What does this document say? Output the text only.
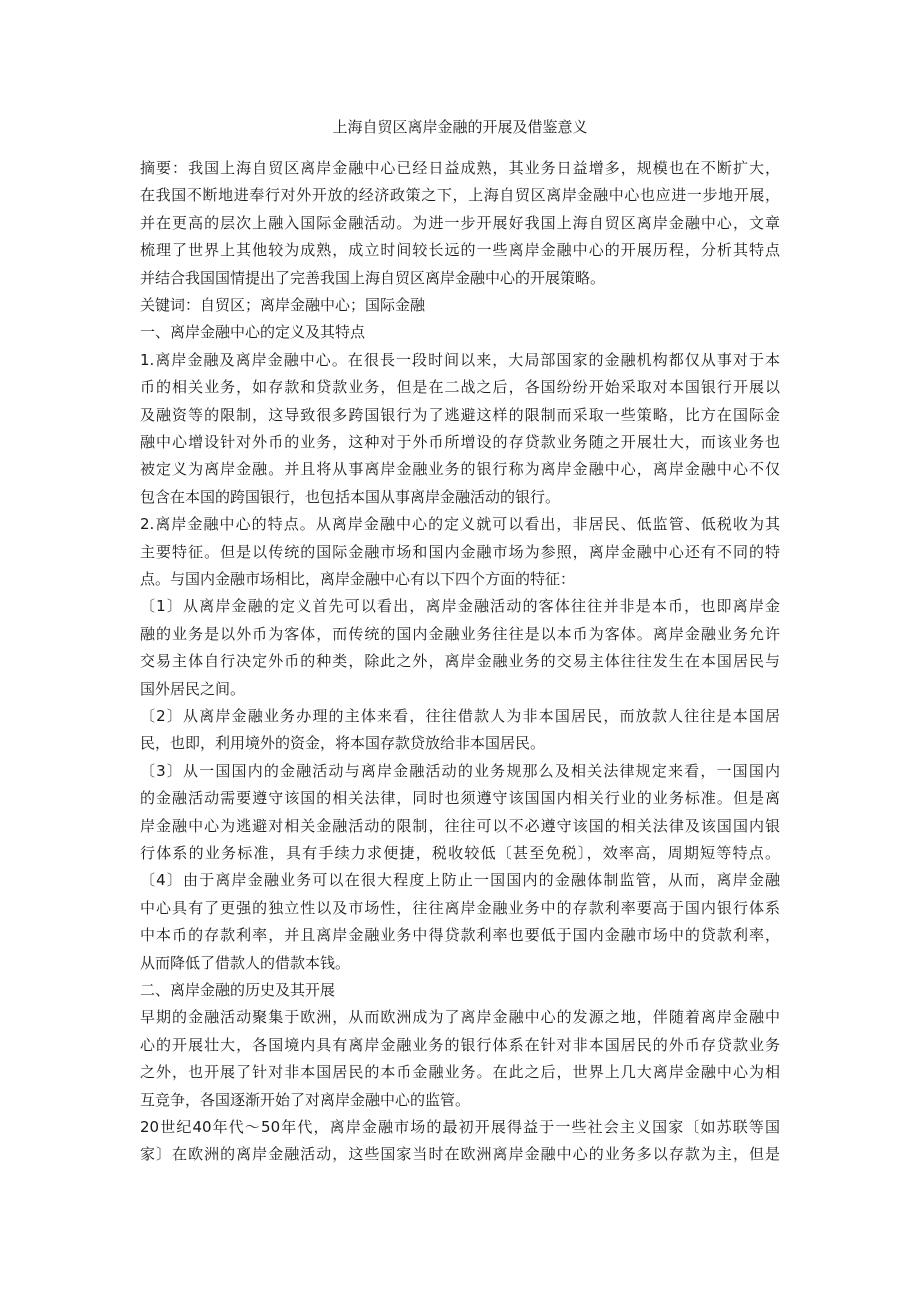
上海自贸区离岸金融的开展及借鉴意义
摘要：我国上海自贸区离岸金融中心已经日益成熟，其业务日益增多，规模也在不断扩大，
在我国不断地进奉行对外开放的经济政策之下，上海自贸区离岸金融中心也应进一步地开展，
并在更高的层次上融入国际金融活动。为进一步开展好我国上海自贸区离岸金融中心，文章
梳理了世界上其他较为成熟，成立时间较长远的一些离岸金融中心的开展历程，分析其特点
并结合我国国情提出了完善我国上海自贸区离岸金融中心的开展策略。
关键词：自贸区；离岸金融中心；国际金融
一、离岸金融中心的定义及其特点
1.离岸金融及离岸金融中心。在很長一段时间以来，大局部国家的金融机构都仅从事对于本
币的相关业务，如存款和贷款业务，但是在二战之后，各国纷纷开始采取对本国银行开展以
及融资等的限制，这导致很多跨国银行为了逃避这样的限制而采取一些策略，比方在国际金
融中心增设针对外币的业务，这种对于外币所增设的存贷款业务随之开展壮大，而该业务也
被定义为离岸金融。并且将从事离岸金融业务的银行称为离岸金融中心，离岸金融中心不仅
包含在本国的跨国银行，也包括本国从事离岸金融活动的银行。
2.离岸金融中心的特点。从离岸金融中心的定义就可以看出，非居民、低监管、低税收为其
主要特征。但是以传统的国际金融市场和国内金融市场为参照，离岸金融中心还有不同的特
点。与国内金融市场相比，离岸金融中心有以下四个方面的特征：
〔1〕从离岸金融的定义首先可以看出，离岸金融活动的客体往往并非是本币，也即离岸金
融的业务是以外币为客体，而传统的国内金融业务往往是以本币为客体。离岸金融业务允许
交易主体自行决定外币的种类，除此之外，离岸金融业务的交易主体往往发生在本国居民与
国外居民之间。
〔2〕从离岸金融业务办理的主体来看，往往借款人为非本国居民，而放款人往往是本国居
民，也即，利用境外的资金，将本国存款贷放给非本国居民。
〔3〕从一国国内的金融活动与离岸金融活动的业务规那么及相关法律规定来看，一国国内
的金融活动需要遵守该国的相关法律，同时也须遵守该国国内相关行业的业务标准。但是离
岸金融中心为逃避对相关金融活动的限制，往往可以不必遵守该国的相关法律及该国国内银
行体系的业务标准，具有手续力求便捷，税收较低〔甚至免税〕，效率高，周期短等特点。
〔4〕由于离岸金融业务可以在很大程度上防止一国国内的金融体制监管，从而，离岸金融
中心具有了更强的独立性以及市场性，往往离岸金融业务中的存款利率要高于国内银行体系
中本币的存款利率，并且离岸金融业务中得贷款利率也要低于国内金融市场中的贷款利率，
从而降低了借款人的借款本钱。
二、离岸金融的历史及其开展
早期的金融活动聚集于欧洲，从而欧洲成为了离岸金融中心的发源之地，伴随着离岸金融中
心的开展壮大，各国境内具有离岸金融业务的银行体系在针对非本国居民的外币存贷款业务
之外，也开展了针对非本国居民的本币金融业务。在此之后，世界上几大离岸金融中心为相
互竞争，各国逐渐开始了对离岸金融中心的监管。
20世纪40年代～50年代，离岸金融市场的最初开展得益于一些社会主义国家〔如苏联等国
家〕在欧洲的离岸金融活动，这些国家当时在欧洲离岸金融中心的业务多以存款为主，但是
